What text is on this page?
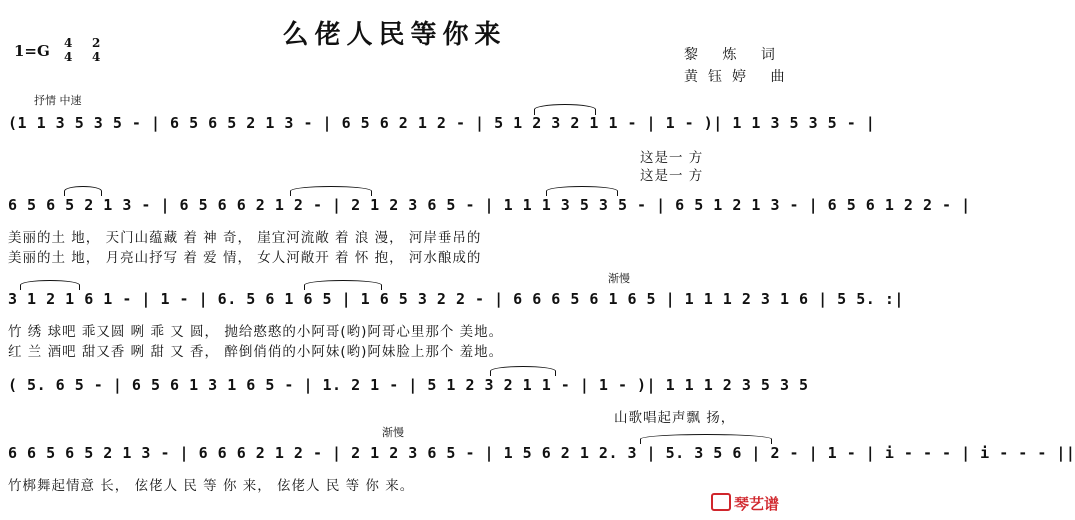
么佬人民等你来
1=G 4
4
2
4	黎 炼 词
黄钰婷 曲
抒情 中速
(1 1 3 5 3 5 - | 6 5 6 5 2 1 3 - | 6 5 6 2 1 2 - | 5 1 2 3 2 1 1 - | 1 - )| 1 1 3 5 3 5 - |
这是一 方
这是一 方
6 5 6 5 2 1 3 - | 6 5 6 6 2 1 2 - | 2 1 2 3 6 5 - | 1 1 1 3 5 3 5 - | 6 5 1 2 1 3 - | 6 5 6 1 2 2 - |
美丽的土 地， 天门山蕴藏 着 神 奇， 崖宜河流敞 着 浪 漫， 河岸垂吊的
美丽的土 地， 月亮山抒写 着 爱 情， 女人河敞开 着 怀 抱， 河水酿成的
渐慢
3 1 2 1 6 1 - | 1 - | 6. 5 6 1 6 5 | 1 6 5 3 2 2 - | 6 6 6 5 6 1 6 5 | 1 1 1 2 3 1 6 | 5 5. :|
竹 绣 球吧 乖又圆 咧 乖 又 圆， 抛给憨憨的小阿哥(哟)阿哥心里那个 美地。
红 兰 酒吧 甜又香 咧 甜 又 香， 醉倒俏俏的小阿妹(哟)阿妹脸上那个 羞地。
( 5. 6 5 - | 6 5 6 1 3 1 6 5 - | 1. 2 1 - | 5 1 2 3 2 1 1 - | 1 - )| 1 1 1 2 3 5 3 5
山歌唱起声飘 扬，
渐慢
6 6 5 6 5 2 1 3 - | 6 6 6 2 1 2 - | 2 1 2 3 6 5 - | 1 5 6 2 1 2. 3 | 5. 3 5 6 | 2 - | 1 - | i - - - | i - - - ||
竹梆舞起情意 长， 伭佬人 民 等 你 来， 伭佬人 民 等 你 来。
琴艺谱
